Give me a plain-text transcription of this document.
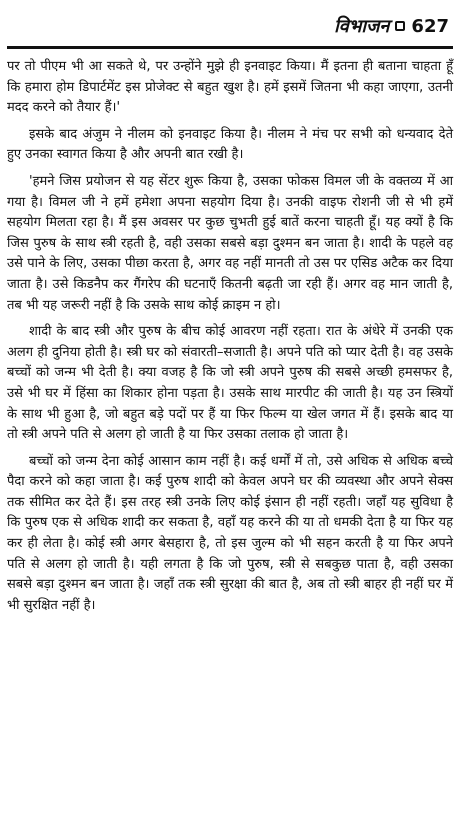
विभाजन 627

पर तो पीएम भी आ सकते थे, पर उन्होंने मुझे ही इनवाइट किया। मैं इतना ही बताना चाहता हूँ कि हमारा होम डिपार्टमेंट इस प्रोजेक्ट से बहुत खुश है। हमें इसमें जितना भी कहा जाएगा, उतनी मदद करने को तैयार हैं।'

इसके बाद अंजुम ने नीलम को इनवाइट किया है। नीलम ने मंच पर सभी को धन्यवाद देते हुए उनका स्वागत किया है और अपनी बात रखी है।

'हमने जिस प्रयोजन से यह सेंटर शुरू किया है, उसका फोकस विमल जी के वक्तव्य में आ गया है। विमल जी ने हमें हमेशा अपना सहयोग दिया है। उनकी वाइफ रोशनी जी से भी हमें सहयोग मिलता रहा है। मैं इस अवसर पर कुछ चुभती हुई बातें करना चाहती हूँ। यह क्यों है कि जिस पुरुष के साथ स्त्री रहती है, वही उसका सबसे बड़ा दुश्मन बन जाता है। शादी के पहले वह उसे पाने के लिए, उसका पीछा करता है, अगर वह नहीं मानती तो उस पर एसिड अटैक कर दिया जाता है। उसे किडनैप कर गैंगरेप की घटनाएँ कितनी बढ़ती जा रही हैं। अगर वह मान जाती है, तब भी यह जरूरी नहीं है कि उसके साथ कोई क्राइम न हो।

शादी के बाद स्त्री और पुरुष के बीच कोई आवरण नहीं रहता। रात के अंधेरे में उनकी एक अलग ही दुनिया होती है। स्त्री घर को संवारती–सजाती है। अपने पति को प्यार देती है। वह उसके बच्चों को जन्म भी देती है। क्या वजह है कि जो स्त्री अपने पुरुष की सबसे अच्छी हमसफर है, उसे भी घर में हिंसा का शिकार होना पड़ता है। उसके साथ मारपीट की जाती है। यह उन स्त्रियों के साथ भी हुआ है, जो बहुत बड़े पदों पर हैं या फिर फिल्म या खेल जगत में हैं। इसके बाद या तो स्त्री अपने पति से अलग हो जाती है या फिर उसका तलाक हो जाता है।

बच्चों को जन्म देना कोई आसान काम नहीं है। कई धर्मों में तो, उसे अधिक से अधिक बच्चे पैदा करने को कहा जाता है। कई पुरुष शादी को केवल अपने घर की व्यवस्था और अपने सेक्स तक सीमित कर देते हैं। इस तरह स्त्री उनके लिए कोई इंसान ही नहीं रहती। जहाँ यह सुविधा है कि पुरुष एक से अधिक शादी कर सकता है, वहाँ यह करने की या तो धमकी देता है या फिर यह कर ही लेता है। कोई स्त्री अगर बेसहारा है, तो इस जुल्म को भी सहन करती है या फिर अपने पति से अलग हो जाती है। यही लगता है कि जो पुरुष, स्त्री से सबकुछ पाता है, वही उसका सबसे बड़ा दुश्मन बन जाता है। जहाँ तक स्त्री सुरक्षा की बात है, अब तो स्त्री बाहर ही नहीं घर में भी सुरक्षित नहीं है।
